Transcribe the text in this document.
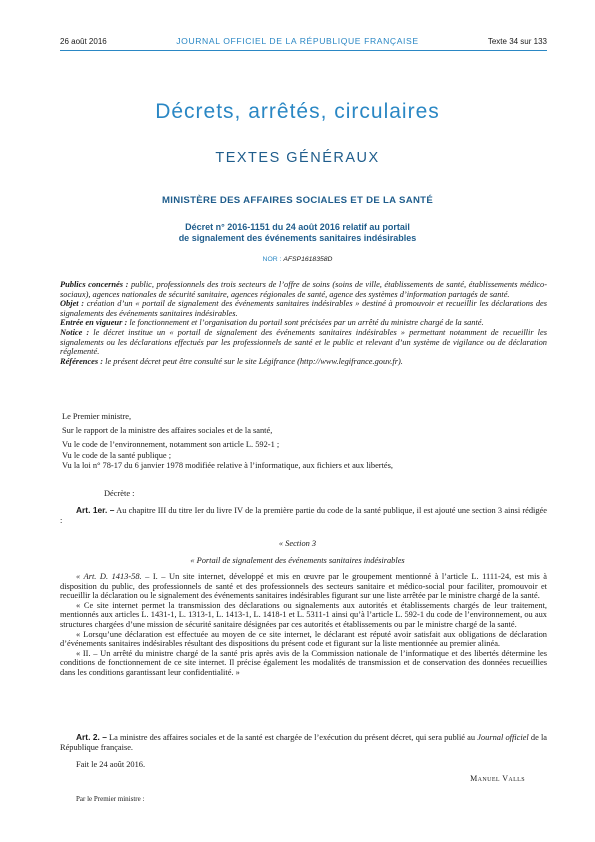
26 août 2016	JOURNAL OFFICIEL DE LA RÉPUBLIQUE FRANÇAISE	Texte 34 sur 133
Décrets, arrêtés, circulaires
TEXTES GÉNÉRAUX
MINISTÈRE DES AFFAIRES SOCIALES ET DE LA SANTÉ
Décret n° 2016-1151 du 24 août 2016 relatif au portail
de signalement des événements sanitaires indésirables
NOR : AFSP1618358D

Publics concernés : public, professionnels des trois secteurs de l’offre de soins (soins de ville, établissements de santé, établissements médico-sociaux), agences nationales de sécurité sanitaire, agences régionales de santé, agence des systèmes d’information partagés de santé.

Objet : création d’un « portail de signalement des événements sanitaires indésirables » destiné à promouvoir et recueillir les déclarations des signalements des événements sanitaires indésirables.

Entrée en vigueur : le fonctionnement et l’organisation du portail sont précisées par un arrêté du ministre chargé de la santé.

Notice : le décret institue un « portail de signalement des événements sanitaires indésirables » permettant notamment de recueillir les signalements ou les déclarations effectués par les professionnels de santé et le public et relevant d’un système de vigilance ou de déclaration réglementé.

Références : le présent décret peut être consulté sur le site Légifrance (http://www.legifrance.gouv.fr).

Le Premier ministre,

Sur le rapport de la ministre des affaires sociales et de la santé,

Vu le code de l’environnement, notamment son article L. 592-1 ;

Vu le code de la santé publique ;

Vu la loi n° 78-17 du 6 janvier 1978 modifiée relative à l’informatique, aux fichiers et aux libertés,

Décrète :

Art. 1er. – Au chapitre III du titre Ier du livre IV de la première partie du code de la santé publique, il est ajouté une section 3 ainsi rédigée :

« Section 3
« Portail de signalement des événements sanitaires indésirables

« Art. D. 1413-58. – I. – Un site internet, développé et mis en œuvre par le groupement mentionné à l’article L. 1111-24, est mis à disposition du public, des professionnels de santé et des professionnels des secteurs sanitaire et médico-social pour faciliter, promouvoir et recueillir la déclaration ou le signalement des événements sanitaires indésirables figurant sur une liste arrêtée par le ministre chargé de la santé.

« Ce site internet permet la transmission des déclarations ou signalements aux autorités et établissements chargés de leur traitement, mentionnés aux articles L. 1431-1, L. 1313-1, L. 1413-1, L. 1418-1 et L. 5311-1 ainsi qu’à l’article L. 592-1 du code de l’environnement, ou aux structures chargées d’une mission de sécurité sanitaire désignées par ces autorités et établissements ou par le ministre chargé de la santé.

« Lorsqu’une déclaration est effectuée au moyen de ce site internet, le déclarant est réputé avoir satisfait aux obligations de déclaration d’événements sanitaires indésirables résultant des dispositions du présent code et figurant sur la liste mentionnée au premier alinéa.

« II. – Un arrêté du ministre chargé de la santé pris après avis de la Commission nationale de l’informatique et des libertés détermine les conditions de fonctionnement de ce site internet. Il précise également les modalités de transmission et de conservation des données recueillies dans les conditions garantissant leur confidentialité. »

Art. 2. – La ministre des affaires sociales et de la santé est chargée de l’exécution du présent décret, qui sera publié au Journal officiel de la République française.

Fait le 24 août 2016.
Manuel Valls
Par le Premier ministre :
